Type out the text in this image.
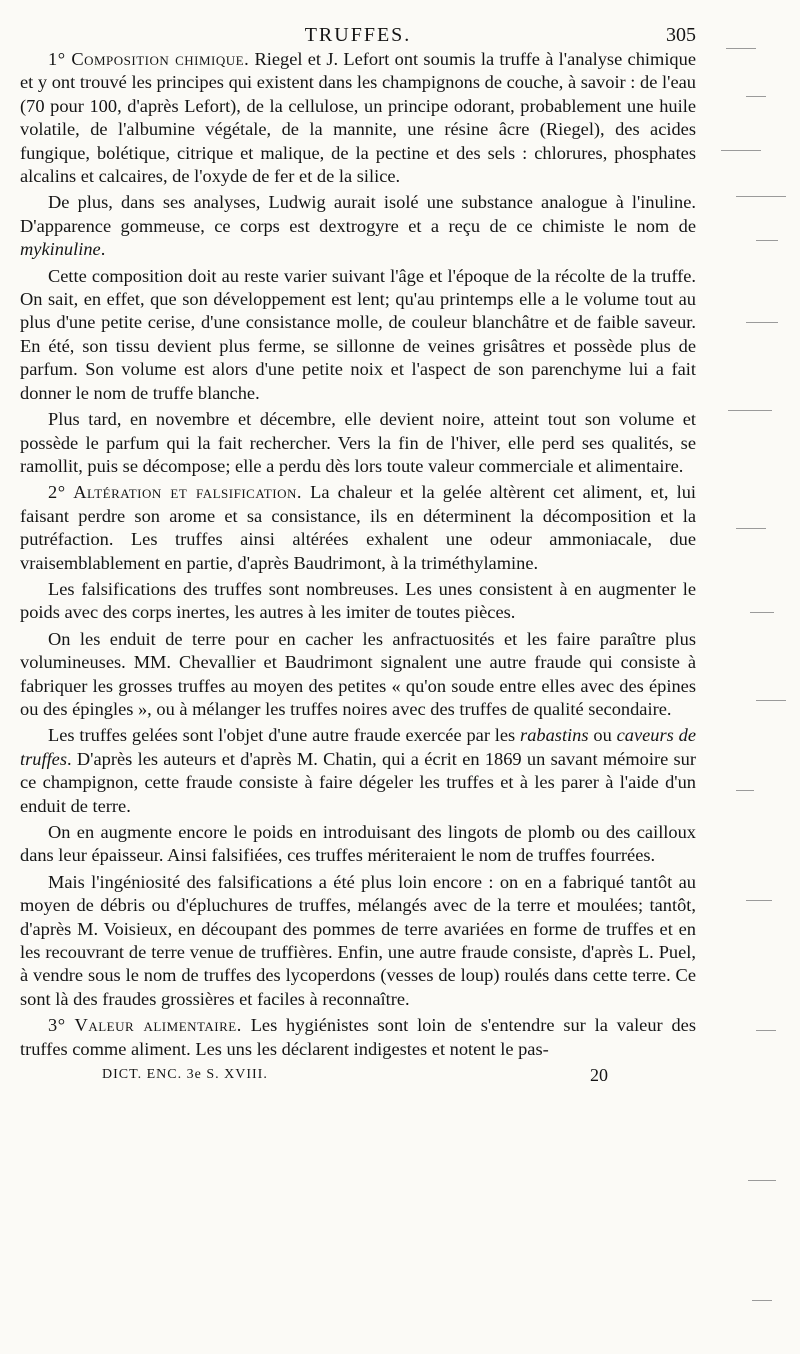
TRUFFES.	305

1° Composition chimique. Riegel et J. Lefort ont soumis la truffe à l'analyse chimique et y ont trouvé les principes qui existent dans les champignons de couche, à savoir : de l'eau (70 pour 100, d'après Lefort), de la cellulose, un principe odorant, probablement une huile volatile, de l'albumine végétale, de la mannite, une résine âcre (Riegel), des acides fungique, bolétique, citrique et malique, de la pectine et des sels : chlorures, phosphates alcalins et calcaires, de l'oxyde de fer et de la silice.

De plus, dans ses analyses, Ludwig aurait isolé une substance analogue à l'inuline. D'apparence gommeuse, ce corps est dextrogyre et a reçu de ce chimiste le nom de mykinuline.

Cette composition doit au reste varier suivant l'âge et l'époque de la récolte de la truffe. On sait, en effet, que son développement est lent; qu'au printemps elle a le volume tout au plus d'une petite cerise, d'une consistance molle, de couleur blanchâtre et de faible saveur. En été, son tissu devient plus ferme, se sillonne de veines grisâtres et possède plus de parfum. Son volume est alors d'une petite noix et l'aspect de son parenchyme lui a fait donner le nom de truffe blanche.

Plus tard, en novembre et décembre, elle devient noire, atteint tout son volume et possède le parfum qui la fait rechercher. Vers la fin de l'hiver, elle perd ses qualités, se ramollit, puis se décompose; elle a perdu dès lors toute valeur commerciale et alimentaire.

2° Altération et falsification. La chaleur et la gelée altèrent cet aliment, et, lui faisant perdre son arome et sa consistance, ils en déterminent la décomposition et la putréfaction. Les truffes ainsi altérées exhalent une odeur ammoniacale, due vraisemblablement en partie, d'après Baudrimont, à la triméthylamine.

Les falsifications des truffes sont nombreuses. Les unes consistent à en augmenter le poids avec des corps inertes, les autres à les imiter de toutes pièces.

On les enduit de terre pour en cacher les anfractuosités et les faire paraître plus volumineuses. MM. Chevallier et Baudrimont signalent une autre fraude qui consiste à fabriquer les grosses truffes au moyen des petites « qu'on soude entre elles avec des épines ou des épingles », ou à mélanger les truffes noires avec des truffes de qualité secondaire.

Les truffes gelées sont l'objet d'une autre fraude exercée par les rabastins ou caveurs de truffes. D'après les auteurs et d'après M. Chatin, qui a écrit en 1869 un savant mémoire sur ce champignon, cette fraude consiste à faire dégeler les truffes et à les parer à l'aide d'un enduit de terre.

On en augmente encore le poids en introduisant des lingots de plomb ou des cailloux dans leur épaisseur. Ainsi falsifiées, ces truffes mériteraient le nom de truffes fourrées.

Mais l'ingéniosité des falsifications a été plus loin encore : on en a fabriqué tantôt au moyen de débris ou d'épluchures de truffes, mélangés avec de la terre et moulées; tantôt, d'après M. Voisieux, en découpant des pommes de terre avariées en forme de truffes et en les recouvrant de terre venue de truffières. Enfin, une autre fraude consiste, d'après L. Puel, à vendre sous le nom de truffes des lycoperdons (vesses de loup) roulés dans cette terre. Ce sont là des fraudes grossières et faciles à reconnaître.

3° Valeur alimentaire. Les hygiénistes sont loin de s'entendre sur la valeur des truffes comme aliment. Les uns les déclarent indigestes et notent le pas-

DICT. ENC. 3e S. XVIII.	20
